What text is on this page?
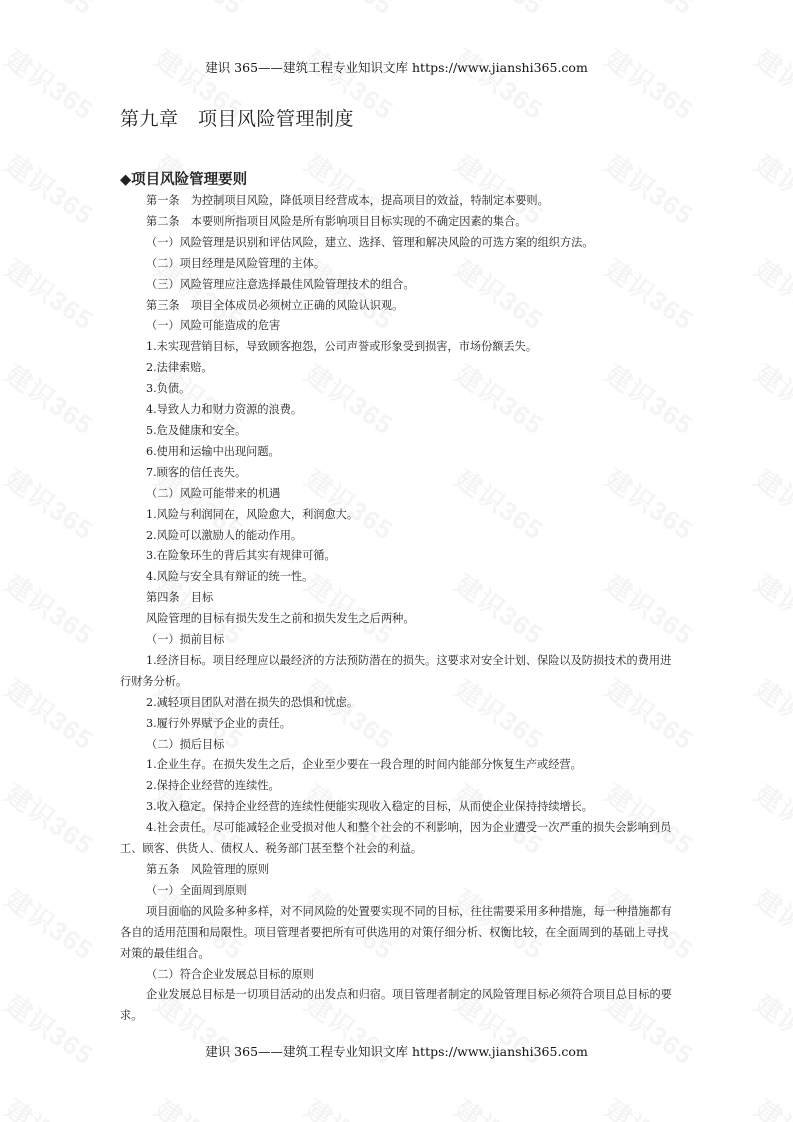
建识 365——建筑工程专业知识文库 https://www.jianshi365.com
第九章　项目风险管理制度
◆项目风险管理要则

第一条　为控制项目风险，降低项目经营成本，提高项目的效益，特制定本要则。

第二条　本要则所指项目风险是所有影响项目目标实现的不确定因素的集合。

（一）风险管理是识别和评估风险，建立、选择、管理和解决风险的可选方案的组织方法。

（二）项目经理是风险管理的主体。

（三）风险管理应注意选择最佳风险管理技术的组合。

第三条　项目全体成员必须树立正确的风险认识观。

（一）风险可能造成的危害

1.未实现营销目标，导致顾客抱怨，公司声誉或形象受到损害，市场份额丢失。

2.法律索赔。

3.负债。

4.导致人力和财力资源的浪费。

5.危及健康和安全。

6.使用和运输中出现问题。

7.顾客的信任丧失。

（二）风险可能带来的机遇

1.风险与利润同在，风险愈大，利润愈大。

2.风险可以激励人的能动作用。

3.在险象环生的背后其实有规律可循。

4.风险与安全具有辩证的统一性。

第四条　目标

风险管理的目标有损失发生之前和损失发生之后两种。

（一）损前目标

1.经济目标。项目经理应以最经济的方法预防潜在的损失。这要求对安全计划、保险以及防损技术的费用进行财务分析。

2.减轻项目团队对潜在损失的恐惧和忧虑。

3.履行外界赋予企业的责任。

（二）损后目标

1.企业生存。在损失发生之后，企业至少要在一段合理的时间内能部分恢复生产或经营。

2.保持企业经营的连续性。

3.收入稳定。保持企业经营的连续性便能实现收入稳定的目标，从而使企业保持持续增长。

4.社会责任。尽可能减轻企业受损对他人和整个社会的不利影响，因为企业遭受一次严重的损失会影响到员工、顾客、供货人、债权人、税务部门甚至整个社会的利益。

第五条　风险管理的原则

（一）全面周到原则

项目面临的风险多种多样，对不同风险的处置要实现不同的目标，往往需要采用多种措施，每一种措施都有各自的适用范围和局限性。项目管理者要把所有可供选用的对策仔细分析、权衡比较，在全面周到的基础上寻找对策的最佳组合。

（二）符合企业发展总目标的原则

企业发展总目标是一切项目活动的出发点和归宿。项目管理者制定的风险管理目标必须符合项目总目标的要求。

建识 365——建筑工程专业知识文库 https://www.jianshi365.com
